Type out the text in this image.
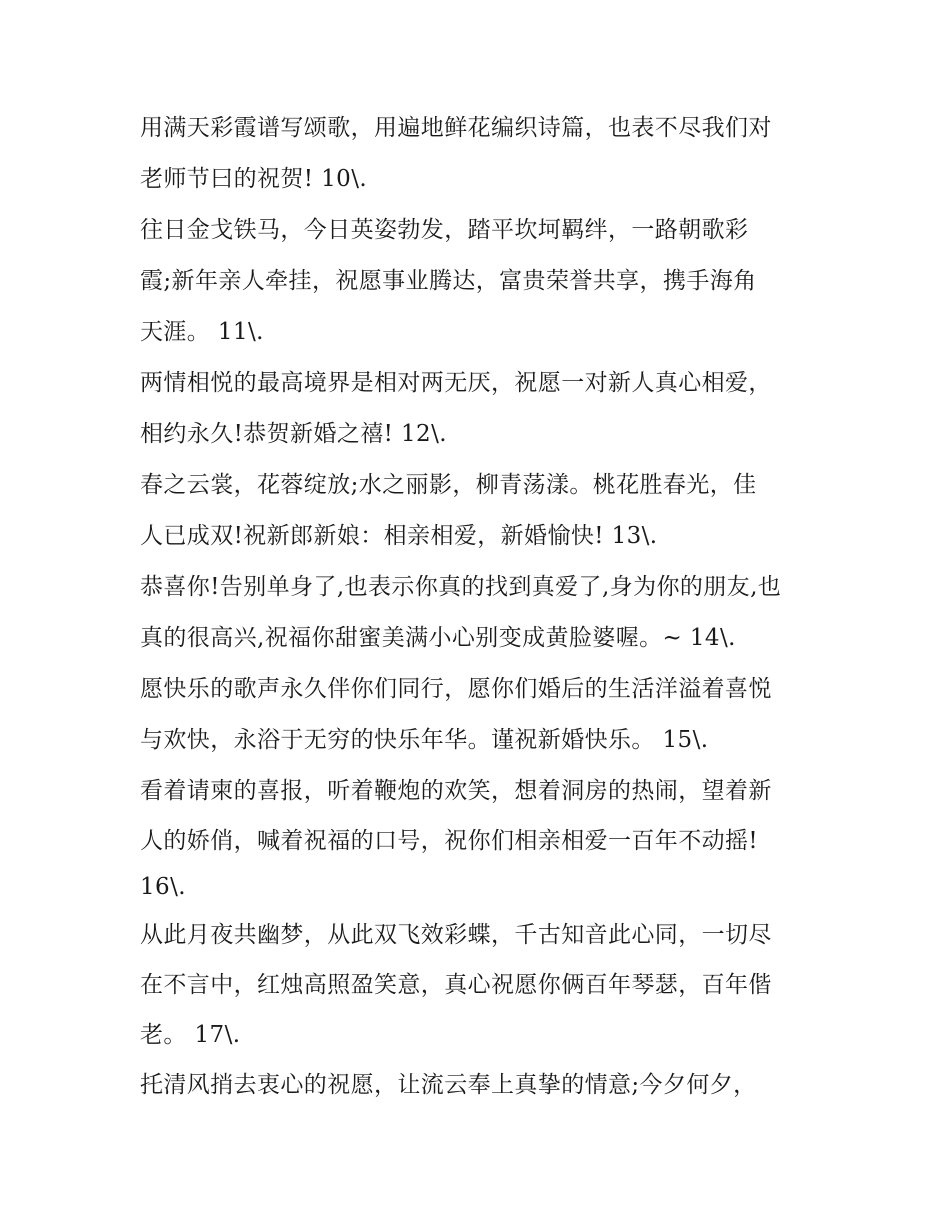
用满天彩霞谱写颂歌，用遍地鲜花编织诗篇，也表不尽我们对
老师节曰的祝贺! 10\.
往日金戈铁马，今日英姿勃发，踏平坎坷羁绊，一路朝歌彩
霞;新年亲人牵挂，祝愿事业腾达，富贵荣誉共享，携手海角
天涯。 11\.
两情相悦的最高境界是相对两无厌，祝愿一对新人真心相爱，
相约永久!恭贺新婚之禧! 12\.
春之云裳，花蓉绽放;水之丽影，柳青荡漾。桃花胜春光，佳
人已成双!祝新郎新娘：相亲相爱，新婚愉快! 13\.
恭喜你!告别单身了,也表示你真的找到真爱了,身为你的朋友,也
真的很高兴,祝福你甜蜜美满小心别变成黄脸婆喔。~ 14\.
愿快乐的歌声永久伴你们同行，愿你们婚后的生活洋溢着喜悦
与欢快，永浴于无穷的快乐年华。谨祝新婚快乐。 15\.
看着请柬的喜报，听着鞭炮的欢笑，想着洞房的热闹，望着新
人的娇俏，喊着祝福的口号，祝你们相亲相爱一百年不动摇!
16\.
从此月夜共幽梦，从此双飞效彩蝶，千古知音此心同，一切尽
在不言中，红烛高照盈笑意，真心祝愿你俩百年琴瑟，百年偕
老。 17\.
托清风捎去衷心的祝愿，让流云奉上真挚的情意;今夕何夕，
